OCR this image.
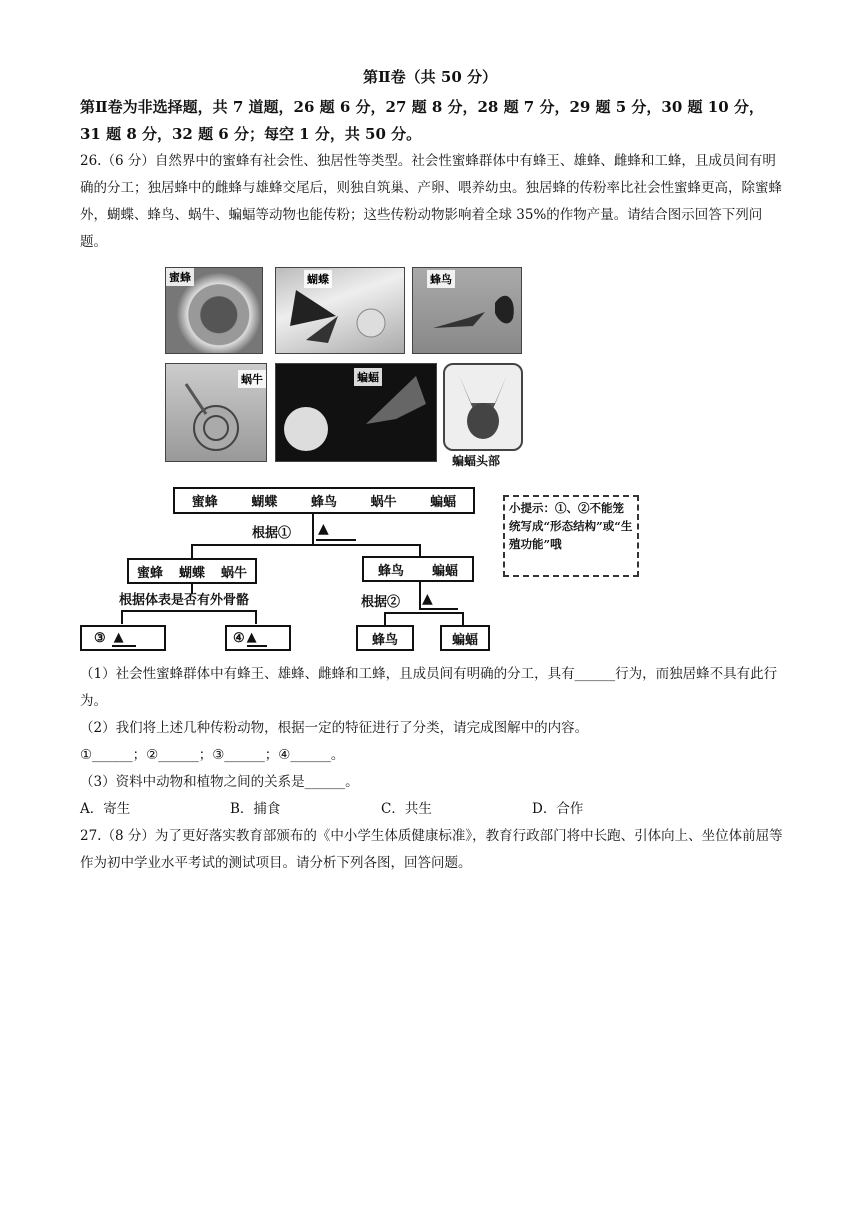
第Ⅱ卷（共 50 分）
第Ⅱ卷为非选择题，共 7 道题，26 题 6 分，27 题 8 分，28 题 7 分，29 题 5 分，30 题 10 分，31 题 8 分，32 题 6 分；每空 1 分，共 50 分。
26.（6 分）自然界中的蜜蜂有社会性、独居性等类型。社会性蜜蜂群体中有蜂王、雄蜂、雌蜂和工蜂，且成员间有明确的分工；独居蜂中的雌蜂与雄蜂交尾后，则独自筑巢、产卵、喂养幼虫。独居蜂的传粉率比社会性蜜蜂更高，除蜜蜂外，蝴蝶、蜂鸟、蜗牛、蝙蝠等动物也能传粉；这些传粉动物影响着全球 35%的作物产量。请结合图示回答下列问题。
蜜蜂	蝴蝶	蜂鸟
蜗牛	蝙蝠
蝙蝠头部
蜜蜂	蝴蝶	蜂鸟	蜗牛	蝙蝠
根据① ▲
蜜蜂 蝴蝶 蜗牛	蜂鸟 蝙蝠
根据体表是否有外骨骼	根据② ▲
③ ▲	④ ▲	蜂鸟	蝙蝠
小提示：①、②不能笼统写成“形态结构”或“生殖功能”哦
（1）社会性蜜蜂群体中有蜂王、雄蜂、雌蜂和工蜂，且成员间有明确的分工，具有______行为，而独居蜂不具有此行为。
（2）我们将上述几种传粉动物，根据一定的特征进行了分类，请完成图解中的内容。
①______；②______；③______；④______。
（3）资料中动物和植物之间的关系是______。
A．寄生	B．捕食	C．共生	D．合作
27.（8 分）为了更好落实教育部颁布的《中小学生体质健康标准》，教育行政部门将中长跑、引体向上、坐位体前屈等作为初中学业水平考试的测试项目。请分析下列各图，回答问题。
